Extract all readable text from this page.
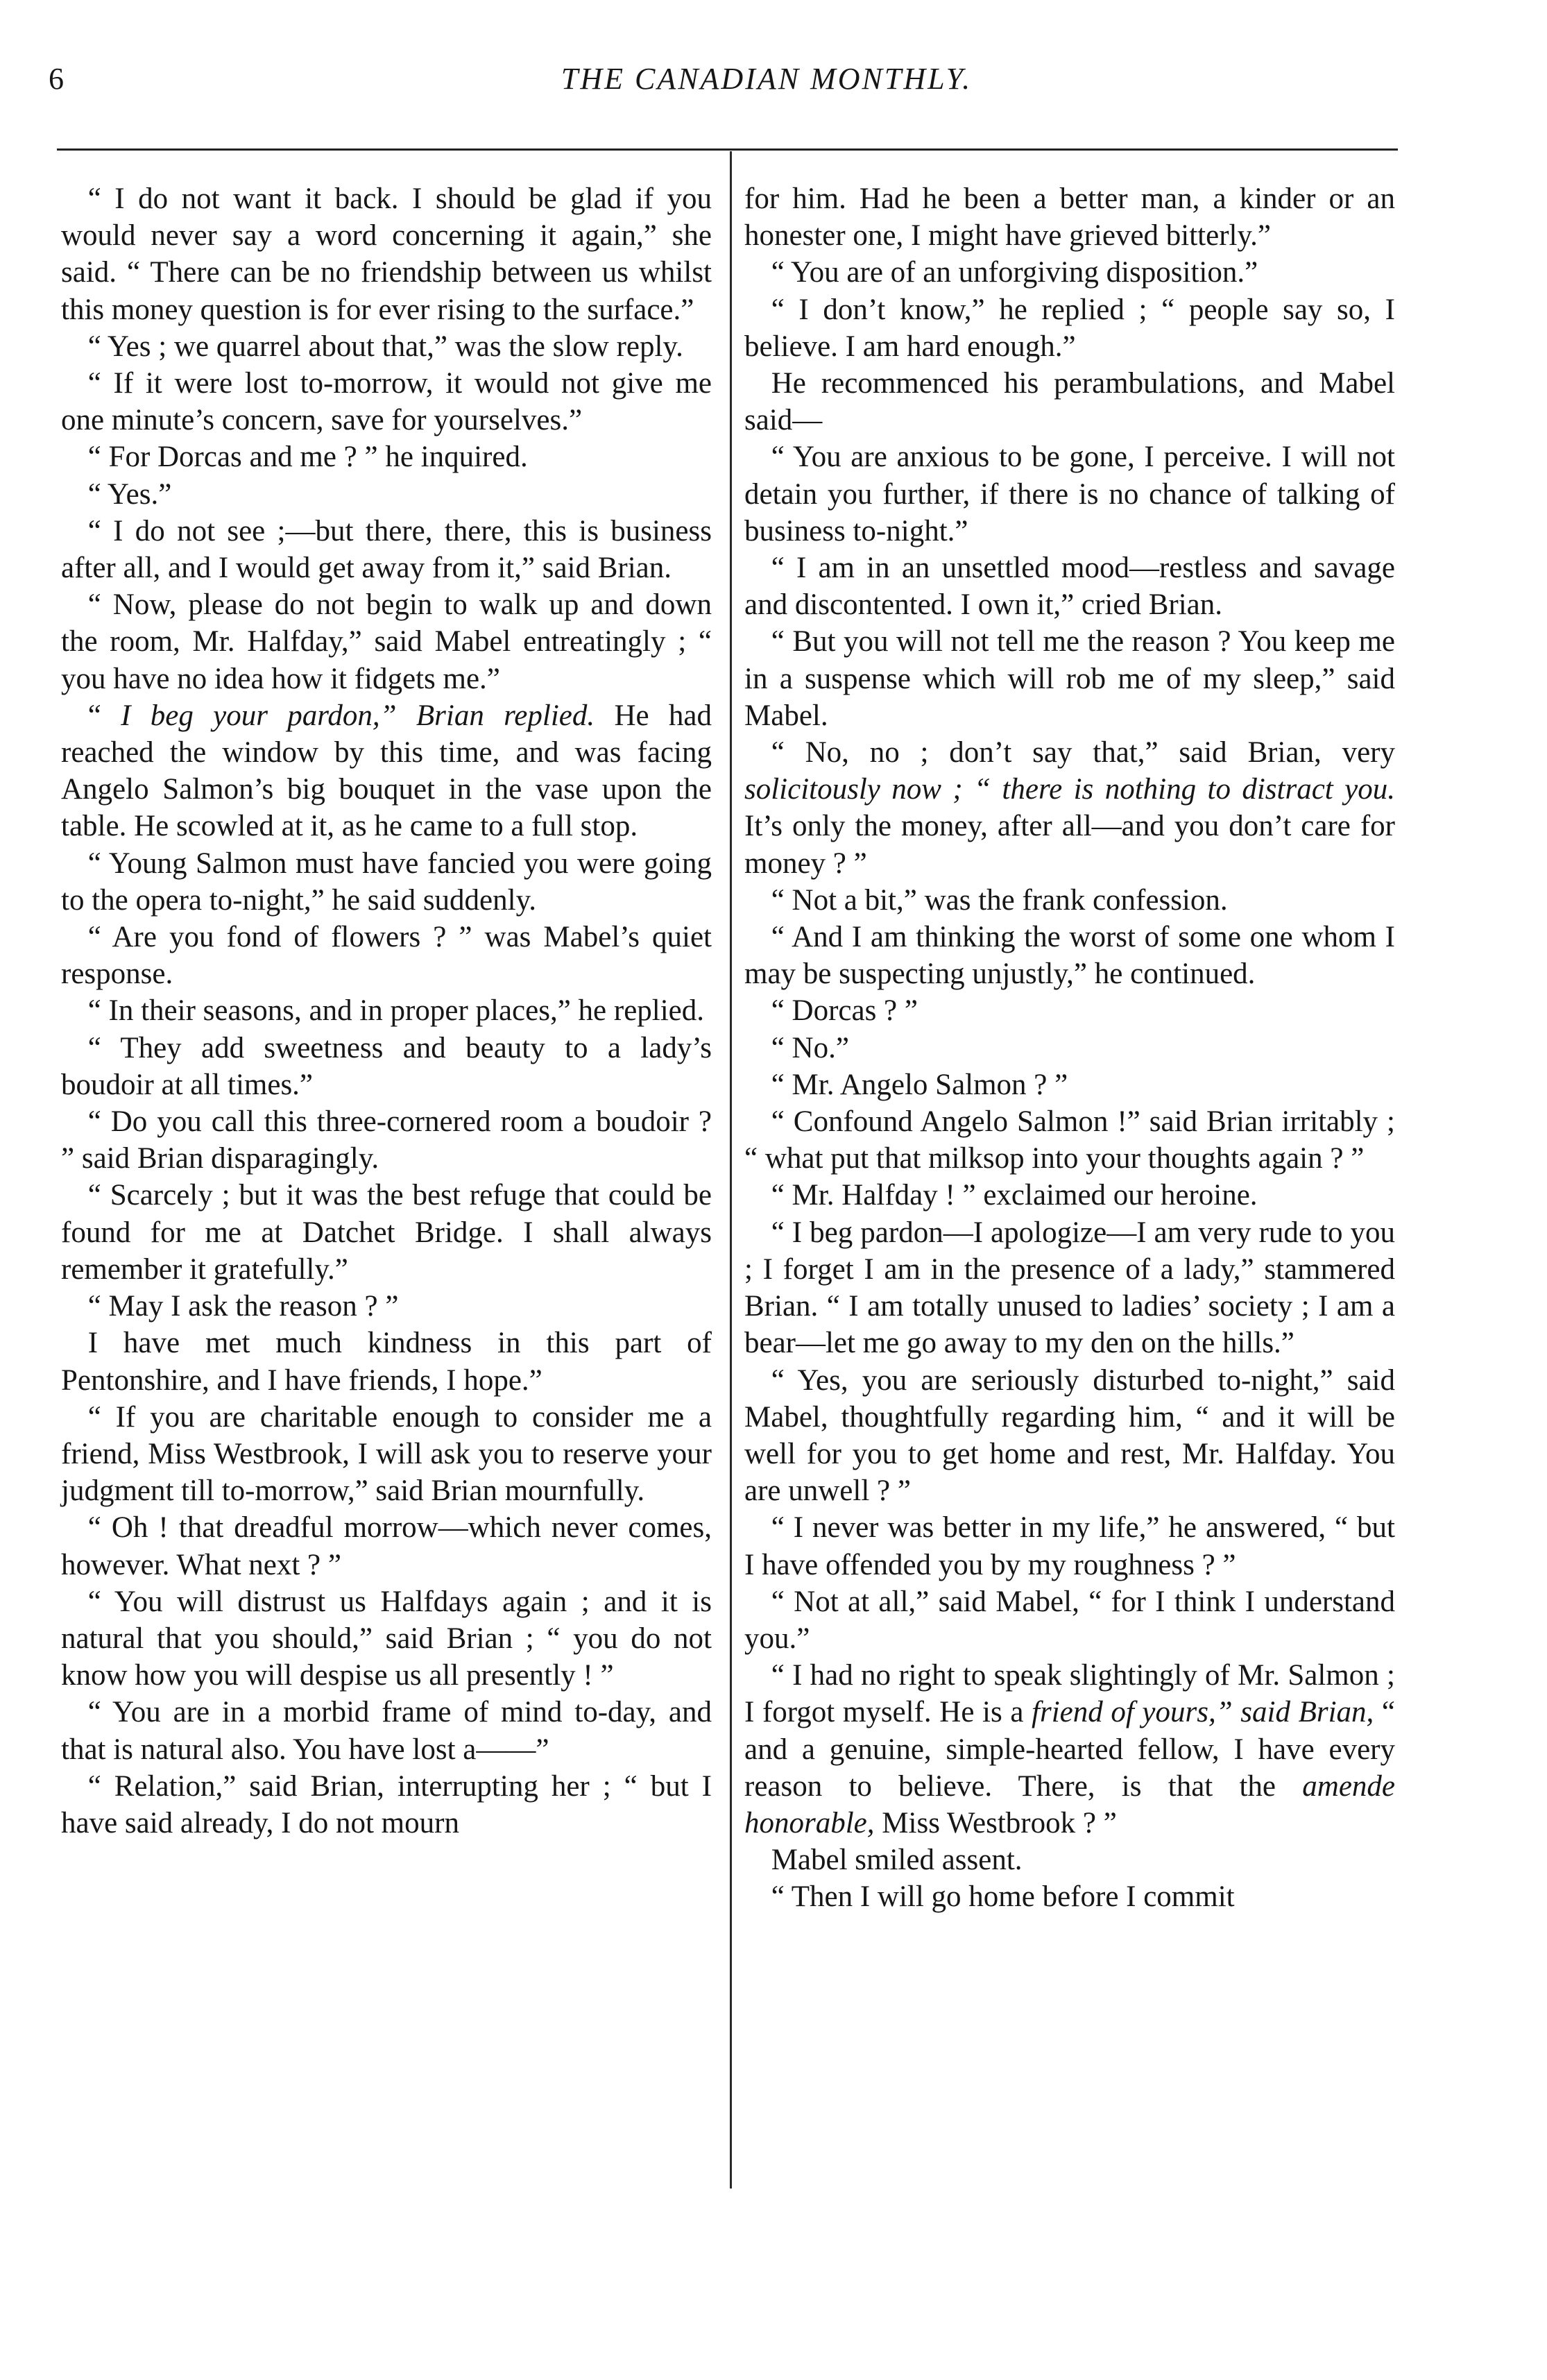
6	THE CANADIAN MONTHLY.

“ I do not want it back. I should be glad if you would never say a word concerning it again,” she said. “ There can be no friendship between us whilst this money question is for ever rising to the surface.”

“ Yes ; we quarrel about that,” was the slow reply.

“ If it were lost to-morrow, it would not give me one minute’s concern, save for yourselves.”

“ For Dorcas and me ? ” he inquired.

“ Yes.”

“ I do not see ;—but there, there, this is business after all, and I would get away from it,” said Brian.

“ Now, please do not begin to walk up and down the room, Mr. Halfday,” said Mabel entreatingly ; “ you have no idea how it fidgets me.”

“ I beg your pardon,” Brian replied. He had reached the window by this time, and was facing Angelo Salmon’s big bouquet in the vase upon the table. He scowled at it, as he came to a full stop.

“ Young Salmon must have fancied you were going to the opera to-night,” he said suddenly.

“ Are you fond of flowers ? ” was Mabel’s quiet response.

“ In their seasons, and in proper places,” he replied.

“ They add sweetness and beauty to a lady’s boudoir at all times.”

“ Do you call this three-cornered room a boudoir ? ” said Brian disparagingly.

“ Scarcely ; but it was the best refuge that could be found for me at Datchet Bridge. I shall always remember it gratefully.”

“ May I ask the reason ? ”

I have met much kindness in this part of Pentonshire, and I have friends, I hope.”

“ If you are charitable enough to consider me a friend, Miss Westbrook, I will ask you to reserve your judgment till to-morrow,” said Brian mournfully.

“ Oh ! that dreadful morrow—which never comes, however. What next ? ”

“ You will distrust us Halfdays again ; and it is natural that you should,” said Brian ; “ you do not know how you will despise us all presently ! ”

“ You are in a morbid frame of mind to-day, and that is natural also. You have lost a——”

“ Relation,” said Brian, interrupting her ; “ but I have said already, I do not mourn

for him. Had he been a better man, a kinder or an honester one, I might have grieved bitterly.”

“ You are of an unforgiving disposition.”

“ I don’t know,” he replied ; “ people say so, I believe. I am hard enough.”

He recommenced his perambulations, and Mabel said—

“ You are anxious to be gone, I perceive. I will not detain you further, if there is no chance of talking of business to-night.”

“ I am in an unsettled mood—restless and savage and discontented. I own it,” cried Brian.

“ But you will not tell me the reason ? You keep me in a suspense which will rob me of my sleep,” said Mabel.

“ No, no ; don’t say that,” said Brian, very solicitously now ; “ there is nothing to distract you. It’s only the money, after all—and you don’t care for money ? ”

“ Not a bit,” was the frank confession.

“ And I am thinking the worst of some one whom I may be suspecting unjustly,” he continued.

“ Dorcas ? ”

“ No.”

“ Mr. Angelo Salmon ? ”

“ Confound Angelo Salmon !” said Brian irritably ; “ what put that milksop into your thoughts again ? ”

“ Mr. Halfday ! ” exclaimed our heroine.

“ I beg pardon—I apologize—I am very rude to you ; I forget I am in the presence of a lady,” stammered Brian. “ I am totally unused to ladies’ society ; I am a bear—let me go away to my den on the hills.”

“ Yes, you are seriously disturbed to-night,” said Mabel, thoughtfully regarding him, “ and it will be well for you to get home and rest, Mr. Halfday. You are unwell ? ”

“ I never was better in my life,” he answered, “ but I have offended you by my roughness ? ”

“ Not at all,” said Mabel, “ for I think I understand you.”

“ I had no right to speak slightingly of Mr. Salmon ; I forgot myself. He is a friend of yours,” said Brian, “ and a genuine, simple-hearted fellow, I have every reason to believe. There, is that the amende honorable, Miss Westbrook ? ”

Mabel smiled assent.

“ Then I will go home before I commit
